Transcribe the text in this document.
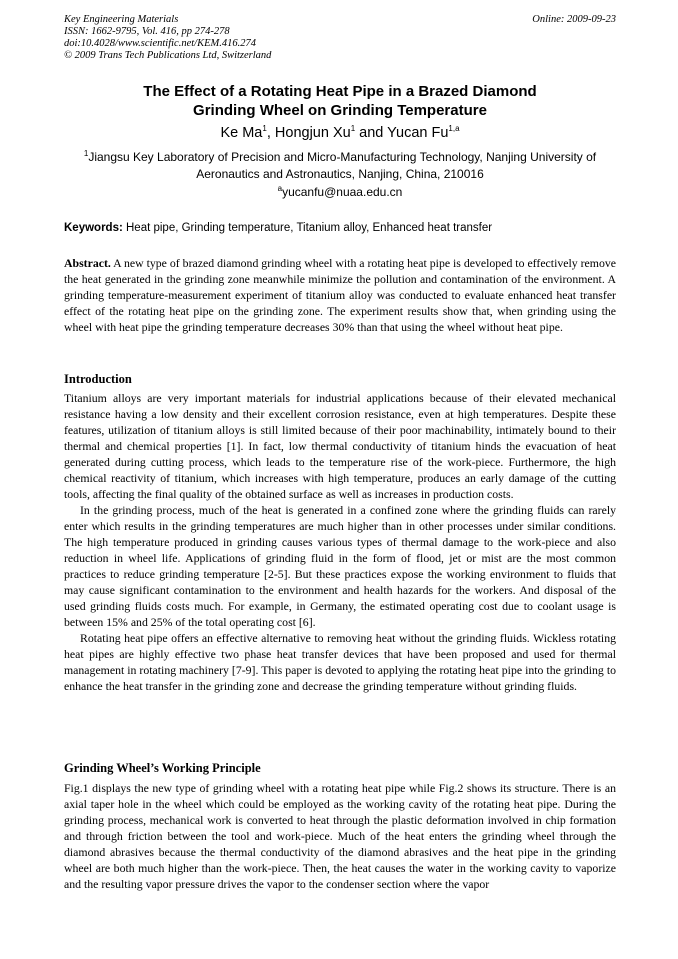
Key Engineering Materials
ISSN: 1662-9795, Vol. 416, pp 274-278
doi:10.4028/www.scientific.net/KEM.416.274
© 2009 Trans Tech Publications Ltd, Switzerland
Online: 2009-09-23
The Effect of a Rotating Heat Pipe in a Brazed Diamond
Grinding Wheel on Grinding Temperature
Ke Ma$^1$, Hongjun Xu$^1$ and Yucan Fu$^{1,a}$
$^1$Jiangsu Key Laboratory of Precision and Micro-Manufacturing Technology, Nanjing University of
Aeronautics and Astronautics, Nanjing, China, 210016
$^a$yucanfu@nuaa.edu.cn
Keywords: Heat pipe, Grinding temperature, Titanium alloy, Enhanced heat transfer

Abstract. A new type of brazed diamond grinding wheel with a rotating heat pipe is developed to effectively remove the heat generated in the grinding zone meanwhile minimize the pollution and contamination of the environment. A grinding temperature-measurement experiment of titanium alloy was conducted to evaluate enhanced heat transfer effect of the rotating heat pipe on the grinding zone. The experiment results show that, when grinding using the wheel with heat pipe the grinding temperature decreases 30% than that using the wheel without heat pipe.

Introduction

Titanium alloys are very important materials for industrial applications because of their elevated mechanical resistance having a low density and their excellent corrosion resistance, even at high temperatures. Despite these features, utilization of titanium alloys is still limited because of their poor machinability, intimately bound to their thermal and chemical properties [1]. In fact, low thermal conductivity of titanium hinds the evacuation of heat generated during cutting process, which leads to the temperature rise of the work-piece. Furthermore, the high chemical reactivity of titanium, which increases with high temperature, produces an early damage of the cutting tools, affecting the final quality of the obtained surface as well as increases in production costs.

In the grinding process, much of the heat is generated in a confined zone where the grinding fluids can rarely enter which results in the grinding temperatures are much higher than in other processes under similar conditions. The high temperature produced in grinding causes various types of thermal damage to the work-piece and also reduction in wheel life. Applications of grinding fluid in the form of flood, jet or mist are the most common practices to reduce grinding temperature [2-5]. But these practices expose the working environment to fluids that may cause significant contamination to the environment and health hazards for the workers. And disposal of the used grinding fluids costs much. For example, in Germany, the estimated operating cost due to coolant usage is between 15% and 25% of the total operating cost [6].

Rotating heat pipe offers an effective alternative to removing heat without the grinding fluids. Wickless rotating heat pipes are highly effective two phase heat transfer devices that have been proposed and used for thermal management in rotating machinery [7-9]. This paper is devoted to applying the rotating heat pipe into the grinding to enhance the heat transfer in the grinding zone and decrease the grinding temperature without grinding fluids.

Grinding Wheel’s Working Principle

Fig.1 displays the new type of grinding wheel with a rotating heat pipe while Fig.2 shows its structure. There is an axial taper hole in the wheel which could be employed as the working cavity of the rotating heat pipe. During the grinding process, mechanical work is converted to heat through the plastic deformation involved in chip formation and through friction between the tool and work-piece. Much of the heat enters the grinding wheel through the diamond abrasives because the thermal conductivity of the diamond abrasives and the heat pipe in the grinding wheel are both much higher than the work-piece. Then, the heat causes the water in the working cavity to vaporize and the resulting vapor pressure drives the vapor to the condenser section where the vapor
